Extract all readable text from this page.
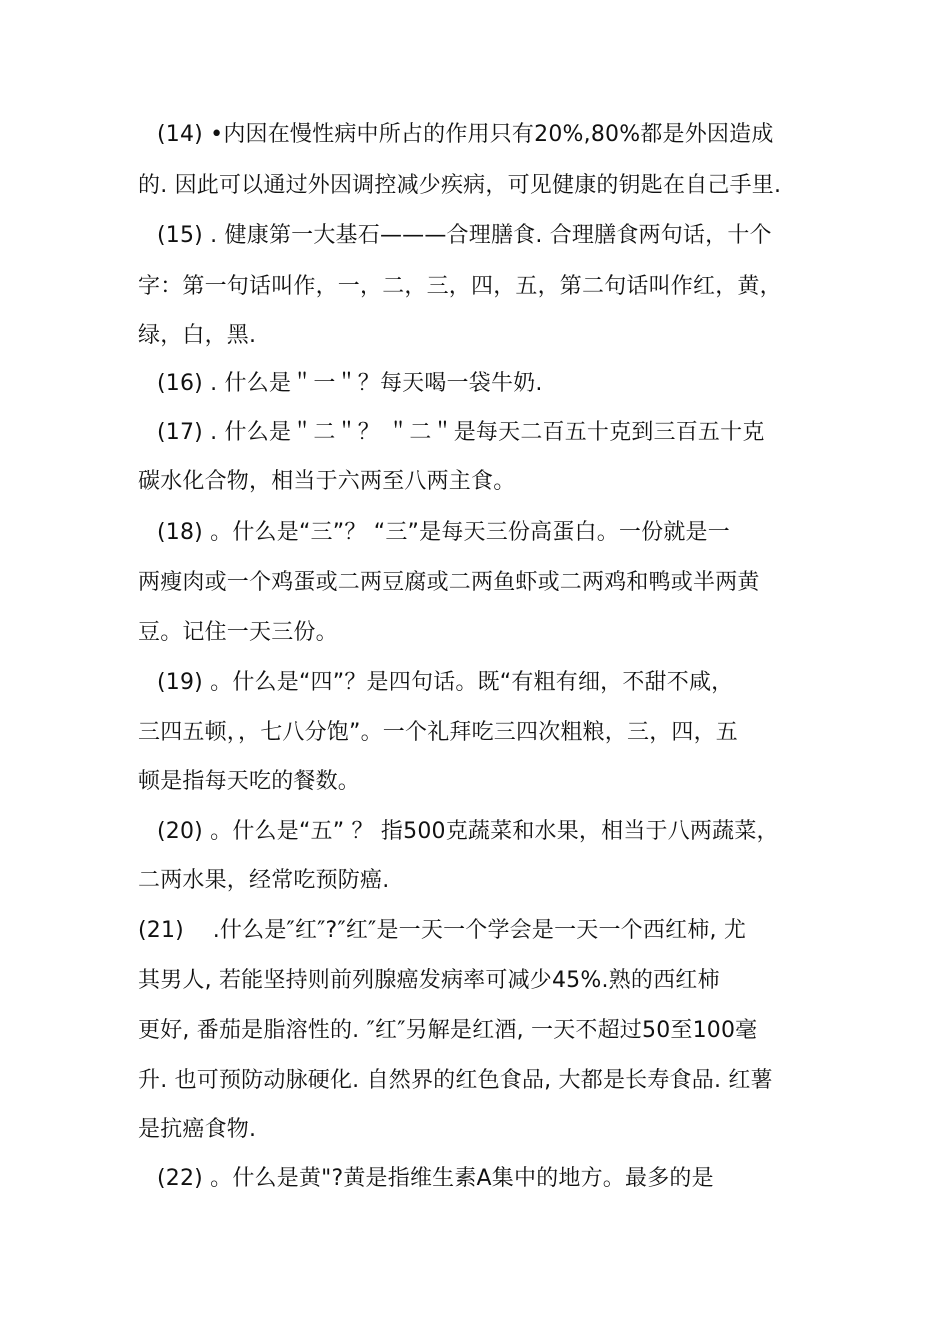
(14) •内因在慢性病中所占的作用只有20%,80%都是外因造成
的. 因此可以通过外因调控减少疾病，可见健康的钥匙在自己手里.
(15) . 健康第一大基石———合理膳食. 合理膳食两句话，十个
字：第一句话叫作，一，二，三，四，五，第二句话叫作红，黄，
绿，白，黑.
(16) . 什么是＂一＂？每天喝一袋牛奶.
(17) . 什么是＂二＂？ ＂二＂是每天二百五十克到三百五十克
碳水化合物，相当于六两至八两主食。
(18) 。什么是“三”？ “三”是每天三份高蛋白。一份就是一
两瘦肉或一个鸡蛋或二两豆腐或二两鱼虾或二两鸡和鸭或半两黄
豆。记住一天三份。
(19) 。什么是“四”？是四句话。既“有粗有细，不甜不咸，
三四五顿，，七八分饱”。一个礼拜吃三四次粗粮，三，四，五
顿是指每天吃的餐数。
(20) 。什么是“五” ？ 指500克蔬菜和水果，相当于八两蔬菜，
二两水果，经常吃预防癌.
(21)    .什么是″红″?″红″是一天一个学会是一天一个西红柿, 尤
其男人, 若能坚持则前列腺癌发病率可减少45%.熟的西红柿
更好, 番茄是脂溶性的. ″红″另解是红酒, 一天不超过50至100毫
升. 也可预防动脉硬化. 自然界的红色食品, 大都是长寿食品. 红薯
是抗癌食物.
(22) 。什么是黄"?黄是指维生素A集中的地方。最多的是
